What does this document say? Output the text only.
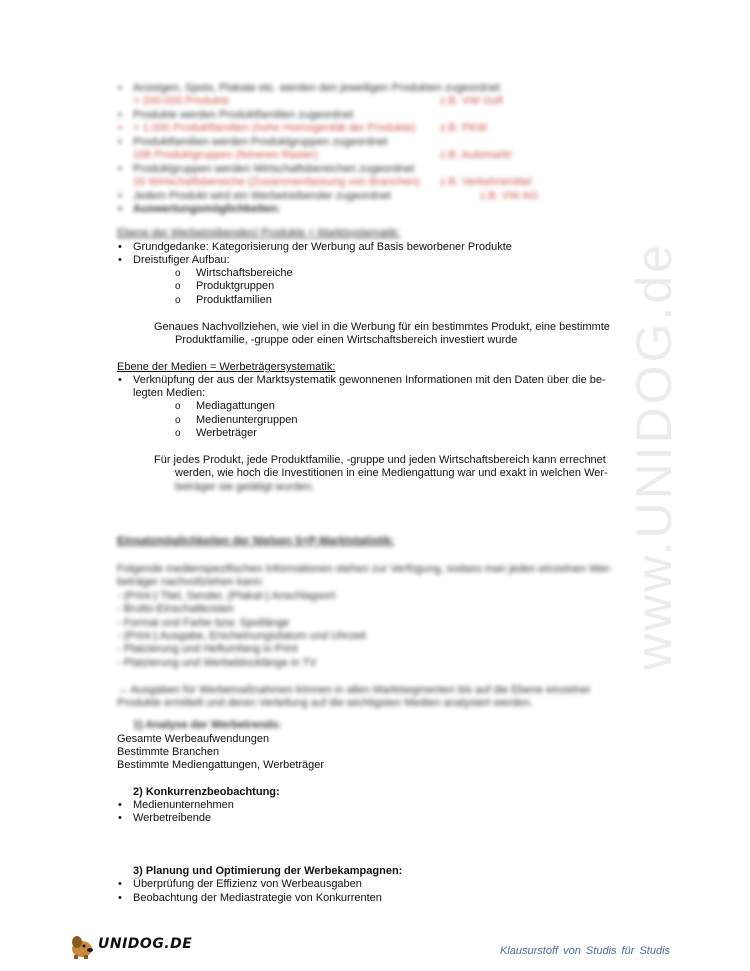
www.UNIDOG.de
• Anzeigen, Spots, Plakate etc. werden den jeweiligen Produkten zugeordnet
> 200.000 Produkte	z.B. VW Golf
• Produkte werden Produktfamilien zugeordnet
• > 1.000 Produktfamilien (hohe Homogenität der Produkte) z.B. PKW
• Produktfamilien werden Produktgruppen zugeordnet
166 Produktgruppen (feineres Raster)	z.B. Automarkt
• Produktgruppen werden Wirtschaftsbereichen zugeordnet
26 Wirtschaftsbereiche (Zusammenfassung von Branchen) z.B. Verkehrsmittel
• Jedem Produkt wird ein Werbetreibender zugeordnet	z.B. VW AG
• Auswertungsmöglichkeiten:
Ebene der Werbetreibenden/ Produkte = Marktsystematik:
• Grundgedanke: Kategorisierung der Werbung auf Basis beworbener Produkte
• Dreistufiger Aufbau:
o Wirtschaftsbereiche
o Produktgruppen
o Produktfamilien
Genaues Nachvollziehen, wie viel in die Werbung für ein bestimmtes Produkt, eine bestimmte
Produktfamilie, -gruppe oder einen Wirtschaftsbereich investiert wurde
Ebene der Medien = Werbeträgersystematik:
• Verknüpfung der aus der Marktsystematik gewonnenen Informationen mit den Daten über die be-
legten Medien:
o Mediagattungen
o Medienuntergruppen
o Werbeträger
Für jedes Produkt, jede Produktfamilie, -gruppe und jeden Wirtschaftsbereich kann errechnet
werden, wie hoch die Investitionen in eine Mediengattung war und exakt in welchen Wer-
beträger sie getätigt wurden.
Einsatzmöglichkeiten der Nielsen S+P-Marktstatistik:
Folgende medienspezifischen Informationen stehen zur Verfügung, sodass man jeden einzelnen Wer-
beträger nachvollziehen kann:
- (Print-) Titel, Sender, (Plakat-) Anschlagsort
- Brutto-Einschaltkosten
- Format und Farbe bzw. Spotlänge
- (Print-) Ausgabe, Erscheinungsdatum und Uhrzeit
- Platzierung und Heftumfang in Print
- Platzierung und Werbeblocklänge in TV
→ Ausgaben für Werbemaßnahmen können in allen Marktsegmenten bis auf die Ebene einzelner
Produkte ermittelt und deren Verteilung auf die wichtigsten Medien analysiert werden.
1) Analyse der Werbetrends:
Gesamte Werbeaufwendungen
Bestimmte Branchen
Bestimmte Mediengattungen, Werbeträger
2) Konkurrenzbeobachtung:
• Medienunternehmen
• Werbetreibende
3) Planung und Optimierung der Werbekampagnen:
• Überprüfung der Effizienz von Werbeausgaben
• Beobachtung der Mediastrategie von Konkurrenten
UNIDOG.DE	Klausurstoff von Studis für Studis
